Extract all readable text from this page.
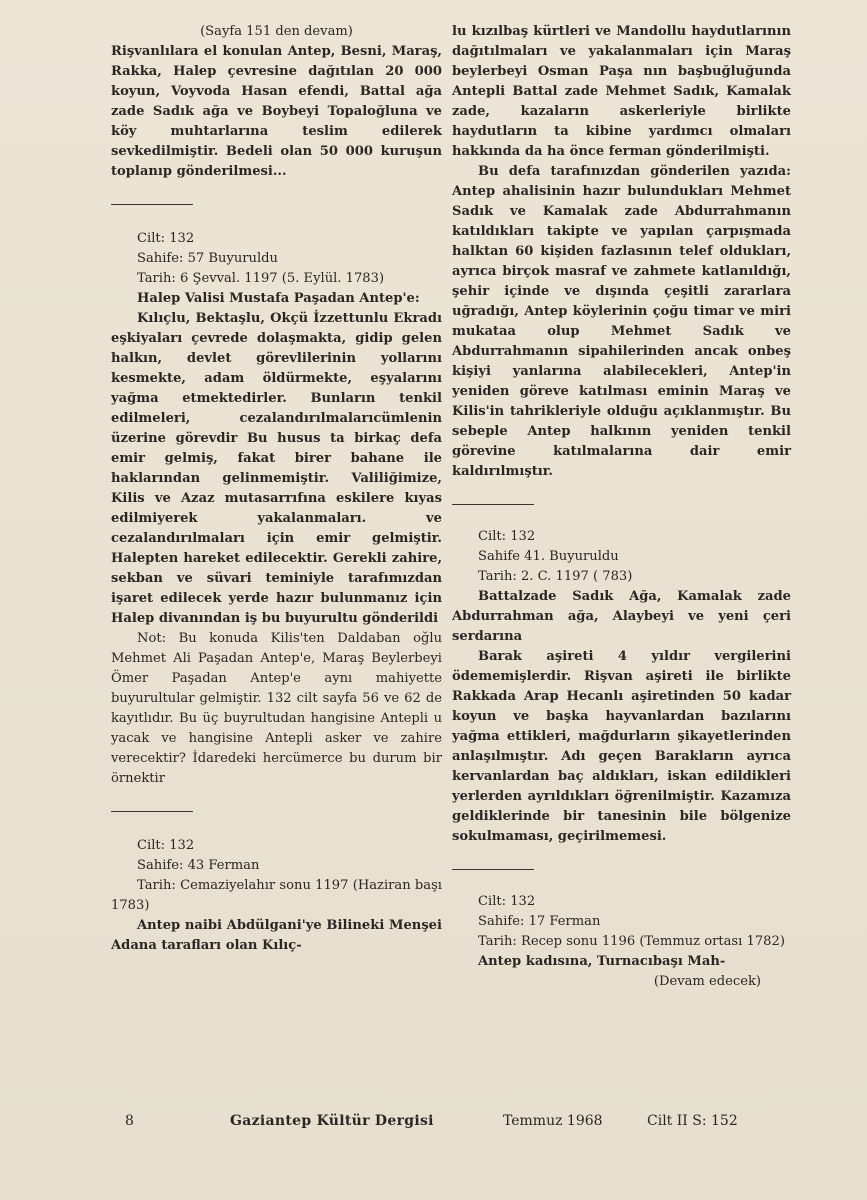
(Sayfa 151 den devam)

Rişvanlılara el konulan Antep, Besni, Maraş, Rakka, Halep çevresine dağıtılan 20 000 koyun, Voyvoda Hasan efendi, Battal ağa zade Sadık ağa ve Boybeyi Topaloğluna ve köy muhtarlarına teslim edilerek sevkedilmiştir. Bedeli olan 50 000 kuruşun toplanıp gönderilmesi...

Cilt: 132

Sahife: 57 Buyuruldu

Tarih: 6 Şevval. 1197 (5. Eylül. 1783)

Halep Valisi Mustafa Paşadan Antep'e:

Kılıçlu, Bektaşlu, Okçü İzzettunlu Ekradı eşkiyaları çevrede dolaşmakta, gidip gelen halkın, devlet görevlilerinin yollarını kesmekte, adam öldürmekte, eşyalarını yağma etmektedirler. Bunların tenkil edilmeleri, cezalandırılmalarıcümlenin üzerine görevdir Bu husus ta birkaç defa emir gelmiş, fakat birer bahane ile haklarından gelinmemiştir. Valiliğimize, Kilis ve Azaz mutasarrıfına eskilere kıyas edilmiyerek yakalanmaları. ve cezalandırılmaları için emir gelmiştir. Halepten hareket edilecektir. Gerekli zahire, sekban ve süvari teminiyle tarafımızdan işaret edilecek yerde hazır bulunmanız için Halep divanından iş bu buyurultu gönderildi

Not: Bu konuda Kilis'ten Daldaban oğlu Mehmet Ali Paşadan Antep'e, Maraş Beylerbeyi Ömer Paşadan Antep'e aynı mahiyette buyurultular gelmiştir. 132 cilt sayfa 56 ve 62 de kayıtlıdır. Bu üç buyrultudan hangisine Antepli u yacak ve hangisine Antepli asker ve zahire verecektir? İdaredeki hercümerce bu durum bir örnektir

Cilt: 132

Sahife: 43 Ferman

Tarih: Cemaziyelahır sonu 1197 (Haziran başı 1783)

Antep naibi Abdülgani'ye Bilineki Menşei Adana tarafları olan Kılıç-

lu kızılbaş kürtleri ve Mandollu haydutlarının dağıtılmaları ve yakalanmaları için Maraş beylerbeyi Osman Paşa nın başbuğluğunda Antepli Battal zade Mehmet Sadık, Kamalak zade, kazaların askerleriyle birlikte haydutların ta kibine yardımcı olmaları hakkında da ha önce ferman gönderilmişti.

Bu defa tarafınızdan gönderilen yazıda: Antep ahalisinin hazır bulundukları Mehmet Sadık ve Kamalak zade Abdurrahmanın katıldıkları takipte ve yapılan çarpışmada halktan 60 kişiden fazlasının telef oldukları, ayrıca birçok masraf ve zahmete katlanıldığı, şehir içinde ve dışında çeşitli zararlara uğradığı, Antep köylerinin çoğu timar ve miri mukataa olup Mehmet Sadık ve Abdurrahmanın sipahilerinden ancak onbeş kişiyi yanlarına alabilecekleri, Antep'in yeniden göreve katılması eminin Maraş ve Kilis'in tahrikleriyle olduğu açıklanmıştır. Bu sebeple Antep halkının yeniden tenkil görevine katılmalarına dair emir kaldırılmıştır.

Cilt: 132

Sahife 41. Buyuruldu

Tarih: 2. C. 1197 ( 783)

Battalzade Sadık Ağa, Kamalak zade Abdurrahman ağa, Alaybeyi ve yeni çeri serdarına

Barak aşireti 4 yıldır vergilerini ödememişlerdir. Rişvan aşireti ile birlikte Rakkada Arap Hecanlı aşiretinden 50 kadar koyun ve başka hayvanlardan bazılarını yağma ettikleri, mağdurların şikayetlerinden anlaşılmıştır. Adı geçen Barakların ayrıca kervanlardan baç aldıkları, iskan edildikleri yerlerden ayrıldıkları öğrenilmiştir. Kazamıza geldiklerinde bir tanesinin bile bölgenize sokulmaması, geçirilmemesi.

Cilt: 132

Sahife: 17 Ferman

Tarih: Recep sonu 1196 (Temmuz ortası 1782)

Antep kadısına, Turnacıbaşı Mah-

(Devam edecek)

8	Gaziantep Kültür Dergisi	Temmuz 1968	Cilt II S: 152
